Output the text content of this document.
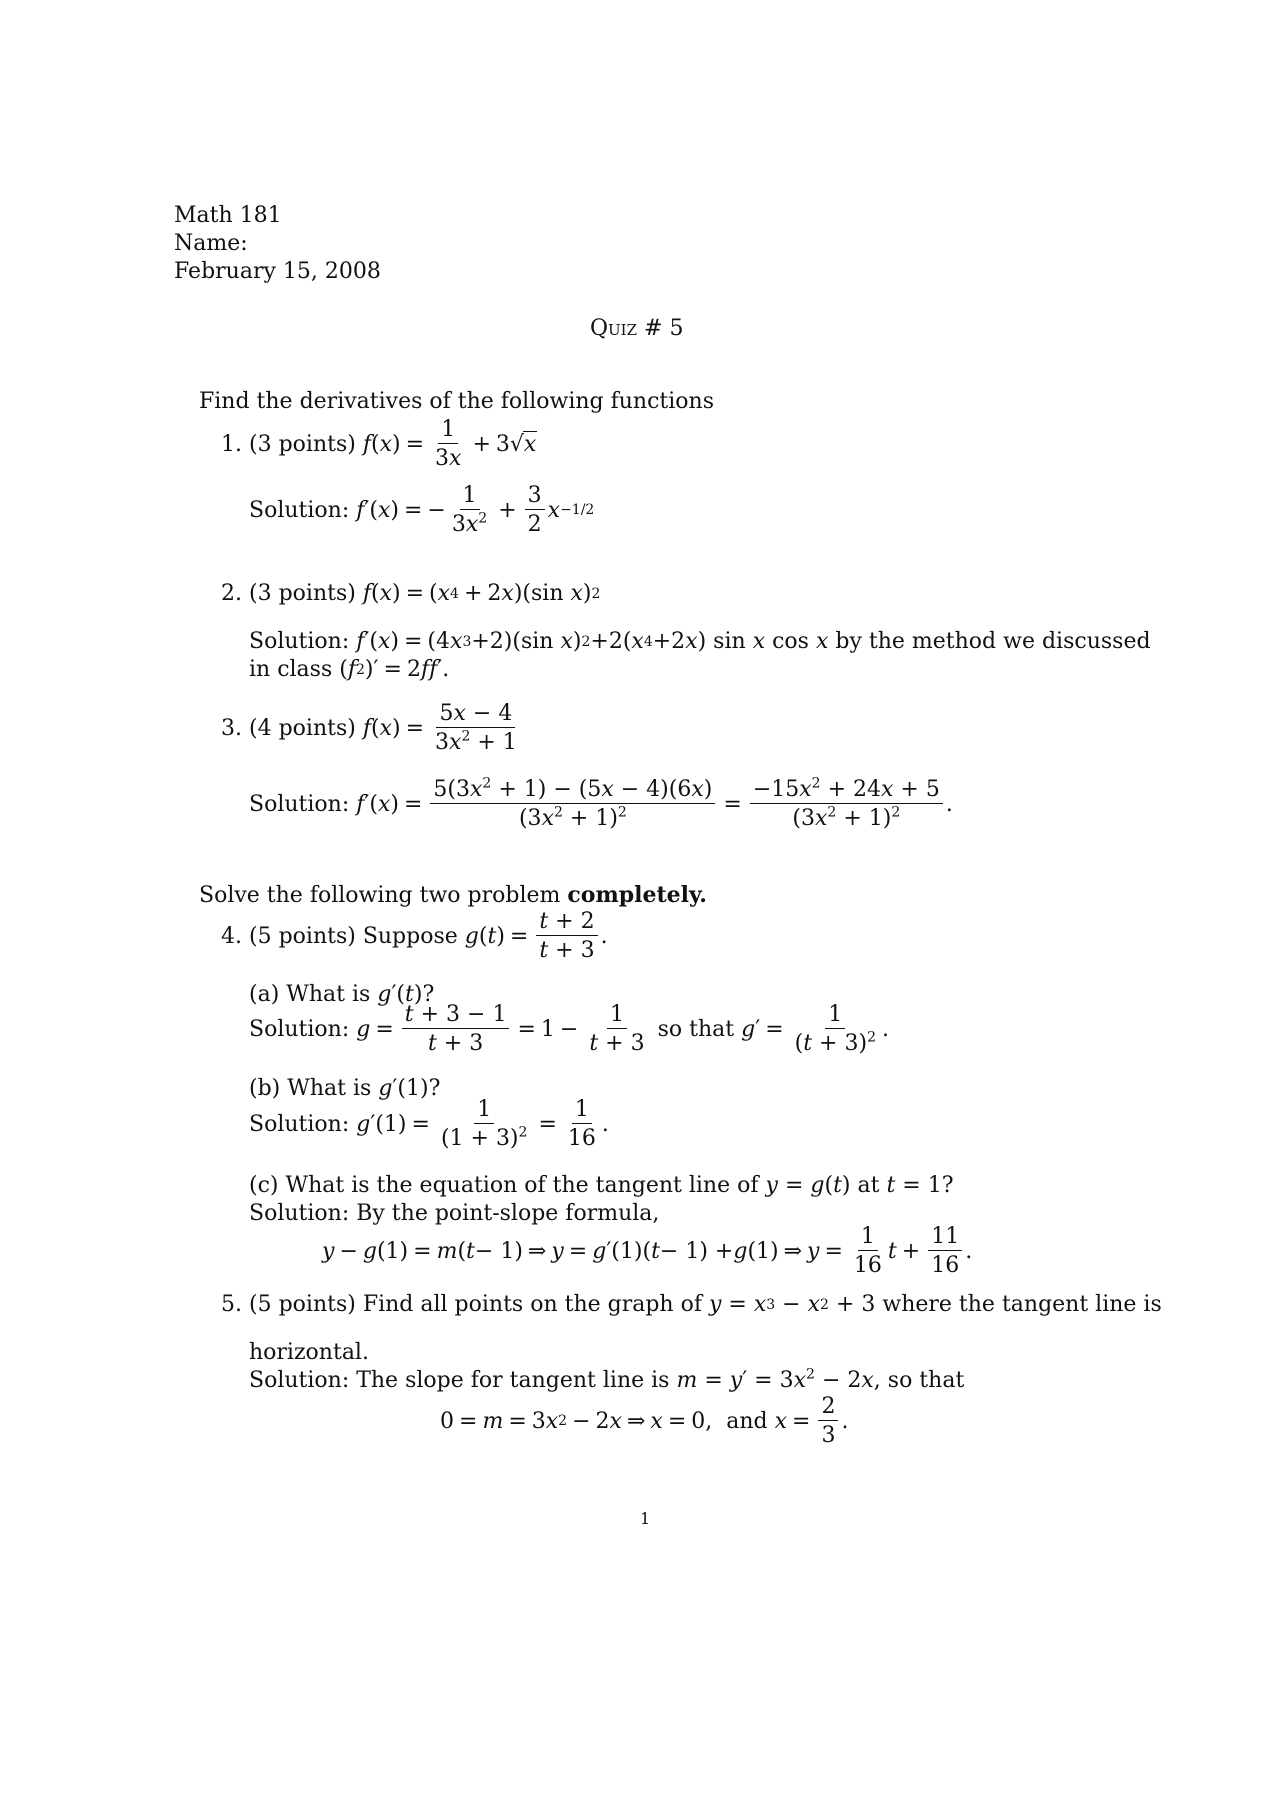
Math 181
Name:
February 15, 2008
Quiz # 5
Find the derivatives of the following functions
1.
(3 points)
f ( x ) = $\frac{1}{3x} + 3√$ x
Solution:
f ′( x ) = − $\frac{1}{3x^2} + \frac{3}{2}$ x −1/2
2.
(3 points)
f ( x ) = ( x 4 + 2 x )(sin x ) 2
Solution:
f ′( x ) = (4 x 3 +2)(sin x ) 2 +2( x 4 +2 x ) sin x cos x
by the method we discussed
in class ( f 2 )′ = 2 f f ′.
3.
(4 points)
f ( x ) = $\frac{5x - 4}{3x^2 + 1}$
Solution:
f ′( x ) = $\frac{5(3x^2 + 1) - (5x - 4)(6x)}{(3x^2 + 1)^2} = \frac{-15x^2 + 24x + 5}{(3x^2 + 1)^2}$ .
Solve the following two problem completely.
4.
(5 points) Suppose
g ( t ) = $\frac{t + 2}{t + 3}$ .
(a) What is g′(t)?
Solution:
$g = \frac{t + 3 - 1}{t + 3} = 1 - \frac{1}{t + 3}$
so that
g ′ = $\frac{1}{(t + 3)^2}$ .
(b) What is g′(1)?
Solution:
g $'(1) = \frac{1}{(1 + 3)^2} = \frac{1}{16}$ .
(c) What is the equation of the tangent line of y = g(t) at t = 1?
Solution: By the point-slope formula,
y − g (1) = m ( t − 1) ⇒ y = g ′(1)( t − 1) + g (1) ⇒ $y = \frac{1}{16}$ $t + \frac{11}{16}$ .
5.
(5 points) Find all points on the graph of
y = x 3 − x 2 + 3 where the tangent line is
horizontal.
Solution: The slope for tangent line is $m = y' = 3x^2 - 2x$, so that
0 = m = 3 x 2 − 2 x ⇒ x = 0, and
$x = \frac{2}{3}$ .
1
